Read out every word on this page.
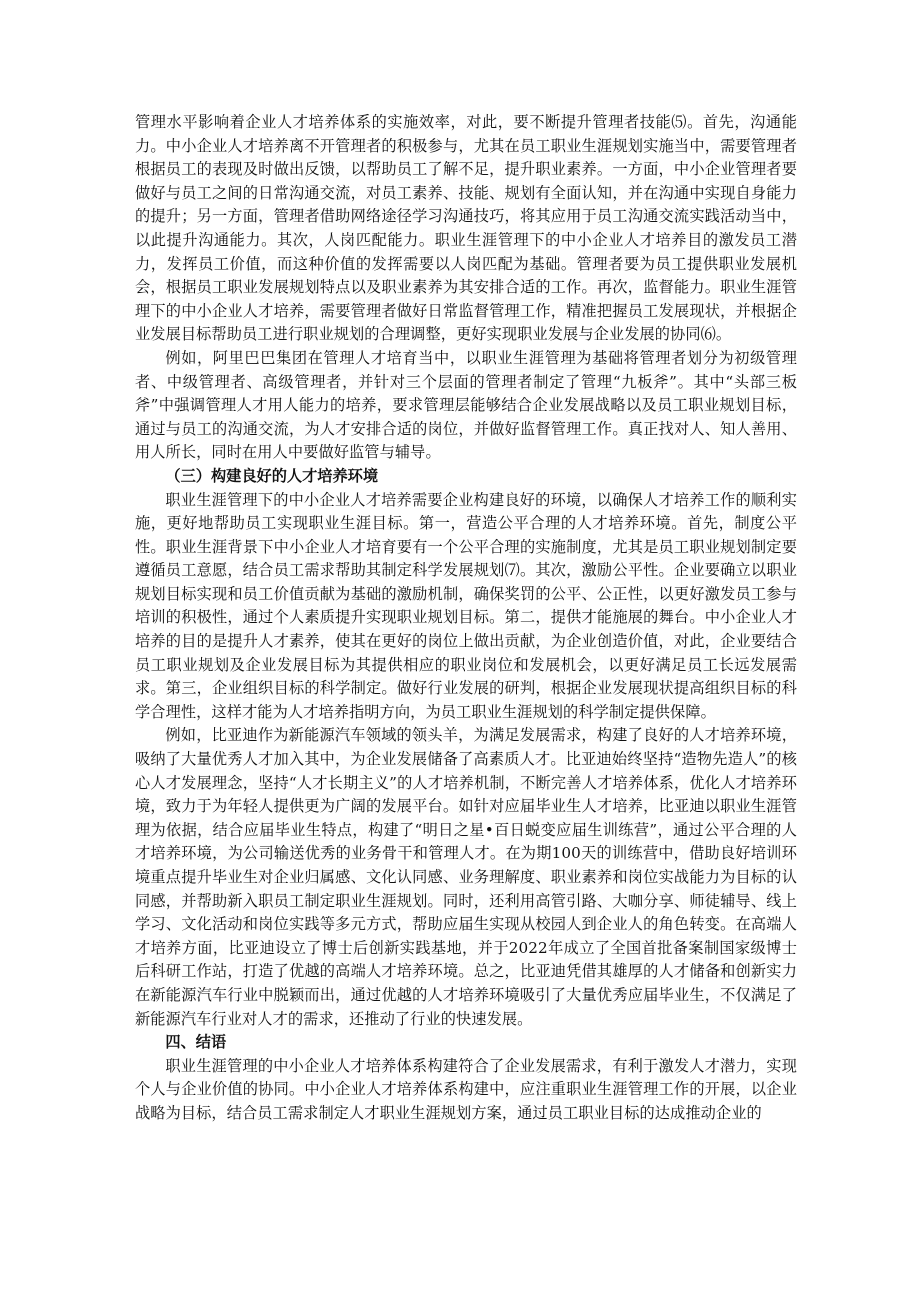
管理水平影响着企业人才培养体系的实施效率，对此，要不断提升管理者技能⑸。首先，沟通能力。中小企业人才培养离不开管理者的积极参与，尤其在员工职业生涯规划实施当中，需要管理者根据员工的表现及时做出反馈，以帮助员工了解不足，提升职业素养。一方面，中小企业管理者要做好与员工之间的日常沟通交流，对员工素养、技能、规划有全面认知，并在沟通中实现自身能力的提升；另一方面，管理者借助网络途径学习沟通技巧，将其应用于员工沟通交流实践活动当中，以此提升沟通能力。其次，人岗匹配能力。职业生涯管理下的中小企业人才培养目的激发员工潜力，发挥员工价值，而这种价值的发挥需要以人岗匹配为基础。管理者要为员工提供职业发展机会，根据员工职业发展规划特点以及职业素养为其安排合适的工作。再次，监督能力。职业生涯管理下的中小企业人才培养，需要管理者做好日常监督管理工作，精准把握员工发展现状，并根据企业发展目标帮助员工进行职业规划的合理调整，更好实现职业发展与企业发展的协同⑹。

例如，阿里巴巴集团在管理人才培育当中，以职业生涯管理为基础将管理者划分为初级管理者、中级管理者、高级管理者，并针对三个层面的管理者制定了管理“九板斧”。其中“头部三板斧”中强调管理人才用人能力的培养，要求管理层能够结合企业发展战略以及员工职业规划目标，通过与员工的沟通交流，为人才安排合适的岗位，并做好监督管理工作。真正找对人、知人善用、用人所长，同时在用人中要做好监管与辅导。

（三）构建良好的人才培养环境

职业生涯管理下的中小企业人才培养需要企业构建良好的环境，以确保人才培养工作的顺利实施，更好地帮助员工实现职业生涯目标。第一，营造公平合理的人才培养环境。首先，制度公平性。职业生涯背景下中小企业人才培育要有一个公平合理的实施制度，尤其是员工职业规划制定要遵循员工意愿，结合员工需求帮助其制定科学发展规划⑺。其次，激励公平性。企业要确立以职业规划目标实现和员工价值贡献为基础的激励机制，确保奖罚的公平、公正性，以更好激发员工参与培训的积极性，通过个人素质提升实现职业规划目标。第二，提供才能施展的舞台。中小企业人才培养的目的是提升人才素养，使其在更好的岗位上做出贡献，为企业创造价值，对此，企业要结合员工职业规划及企业发展目标为其提供相应的职业岗位和发展机会，以更好满足员工长远发展需求。第三，企业组织目标的科学制定。做好行业发展的研判，根据企业发展现状提高组织目标的科学合理性，这样才能为人才培养指明方向，为员工职业生涯规划的科学制定提供保障。

例如，比亚迪作为新能源汽车领域的领头羊，为满足发展需求，构建了良好的人才培养环境，吸纳了大量优秀人才加入其中，为企业发展储备了高素质人才。比亚迪始终坚持“造物先造人”的核心人才发展理念，坚持“人才长期主义”的人才培养机制，不断完善人才培养体系，优化人才培养环境，致力于为年轻人提供更为广阔的发展平台。如针对应届毕业生人才培养，比亚迪以职业生涯管理为依据，结合应届毕业生特点，构建了“明日之星•百日蜕变应届生训练营”，通过公平合理的人才培养环境，为公司输送优秀的业务骨干和管理人才。在为期100天的训练营中，借助良好培训环境重点提升毕业生对企业归属感、文化认同感、业务理解度、职业素养和岗位实战能力为目标的认同感，并帮助新入职员工制定职业生涯规划。同时，还利用高管引路、大咖分享、师徒辅导、线上学习、文化活动和岗位实践等多元方式，帮助应届生实现从校园人到企业人的角色转变。在高端人才培养方面，比亚迪设立了博士后创新实践基地，并于2022年成立了全国首批备案制国家级博士后科研工作站，打造了优越的高端人才培养环境。总之，比亚迪凭借其雄厚的人才储备和创新实力在新能源汽车行业中脱颖而出，通过优越的人才培养环境吸引了大量优秀应届毕业生，不仅满足了新能源汽车行业对人才的需求，还推动了行业的快速发展。

四、结语

职业生涯管理的中小企业人才培养体系构建符合了企业发展需求，有利于激发人才潜力，实现个人与企业价值的协同。中小企业人才培养体系构建中，应注重职业生涯管理工作的开展，以企业战略为目标，结合员工需求制定人才职业生涯规划方案，通过员工职业目标的达成推动企业的
